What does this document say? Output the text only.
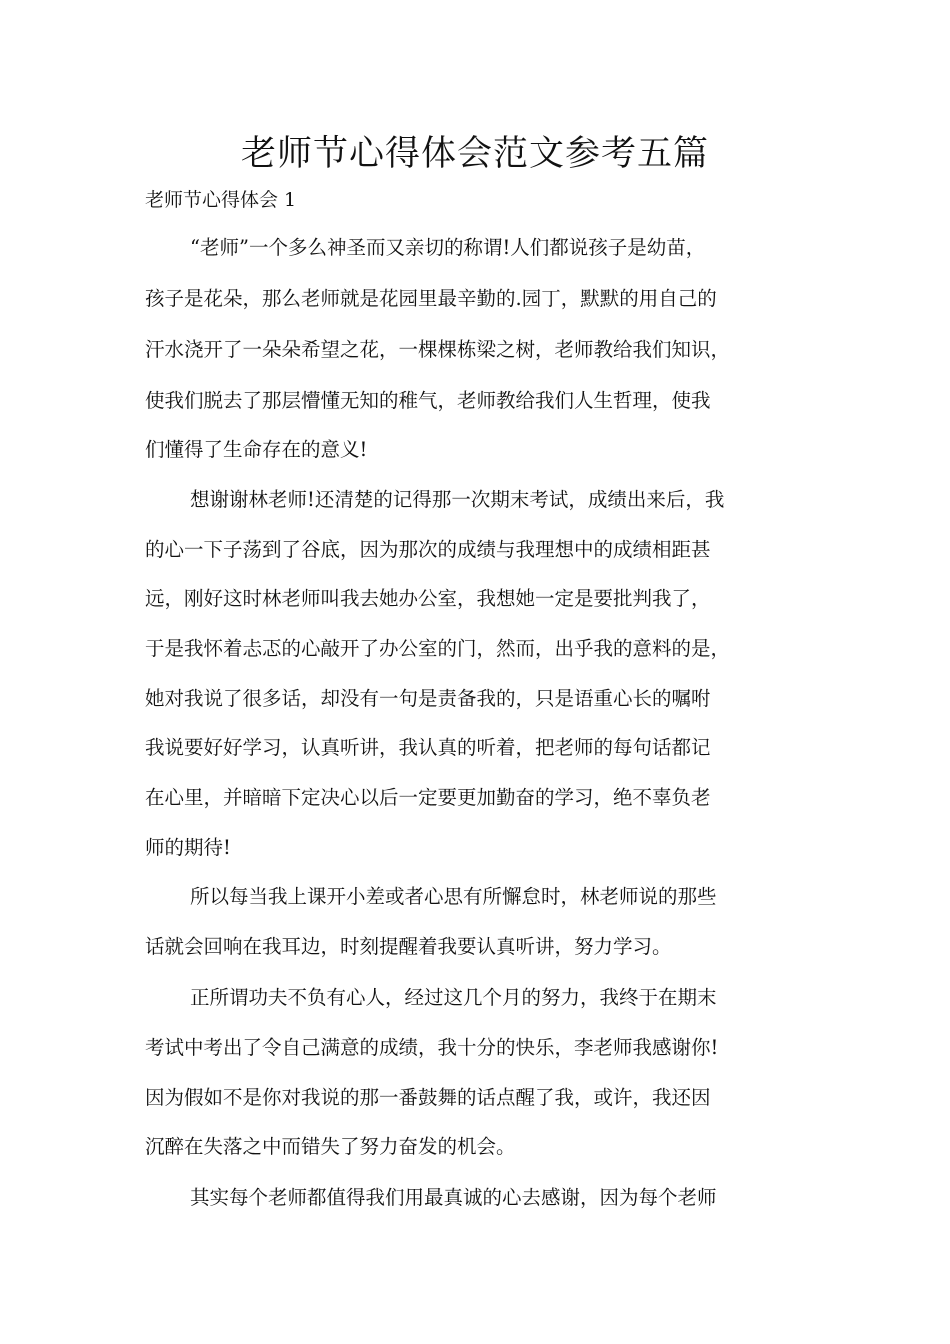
老师节心得体会范文参考五篇

老师节心得体会 1

“老师”一个多么神圣而又亲切的称谓!人们都说孩子是幼苗，

孩子是花朵，那么老师就是花园里最辛勤的.园丁，默默的用自己的

汗水浇开了一朵朵希望之花，一棵棵栋梁之树，老师教给我们知识，

使我们脱去了那层懵懂无知的稚气，老师教给我们人生哲理，使我

们懂得了生命存在的意义!

想谢谢林老师!还清楚的记得那一次期末考试，成绩出来后，我

的心一下子荡到了谷底，因为那次的成绩与我理想中的成绩相距甚

远，刚好这时林老师叫我去她办公室，我想她一定是要批判我了，

于是我怀着忐忑的心敲开了办公室的门，然而，出乎我的意料的是，

她对我说了很多话，却没有一句是责备我的，只是语重心长的嘱咐

我说要好好学习，认真听讲，我认真的听着，把老师的每句话都记

在心里，并暗暗下定决心以后一定要更加勤奋的学习，绝不辜负老

师的期待!

所以每当我上课开小差或者心思有所懈怠时，林老师说的那些

话就会回响在我耳边，时刻提醒着我要认真听讲，努力学习。

正所谓功夫不负有心人，经过这几个月的努力，我终于在期末

考试中考出了令自己满意的成绩，我十分的快乐，李老师我感谢你!

因为假如不是你对我说的那一番鼓舞的话点醒了我，或许，我还因

沉醉在失落之中而错失了努力奋发的机会。

其实每个老师都值得我们用最真诚的心去感谢，因为每个老师
